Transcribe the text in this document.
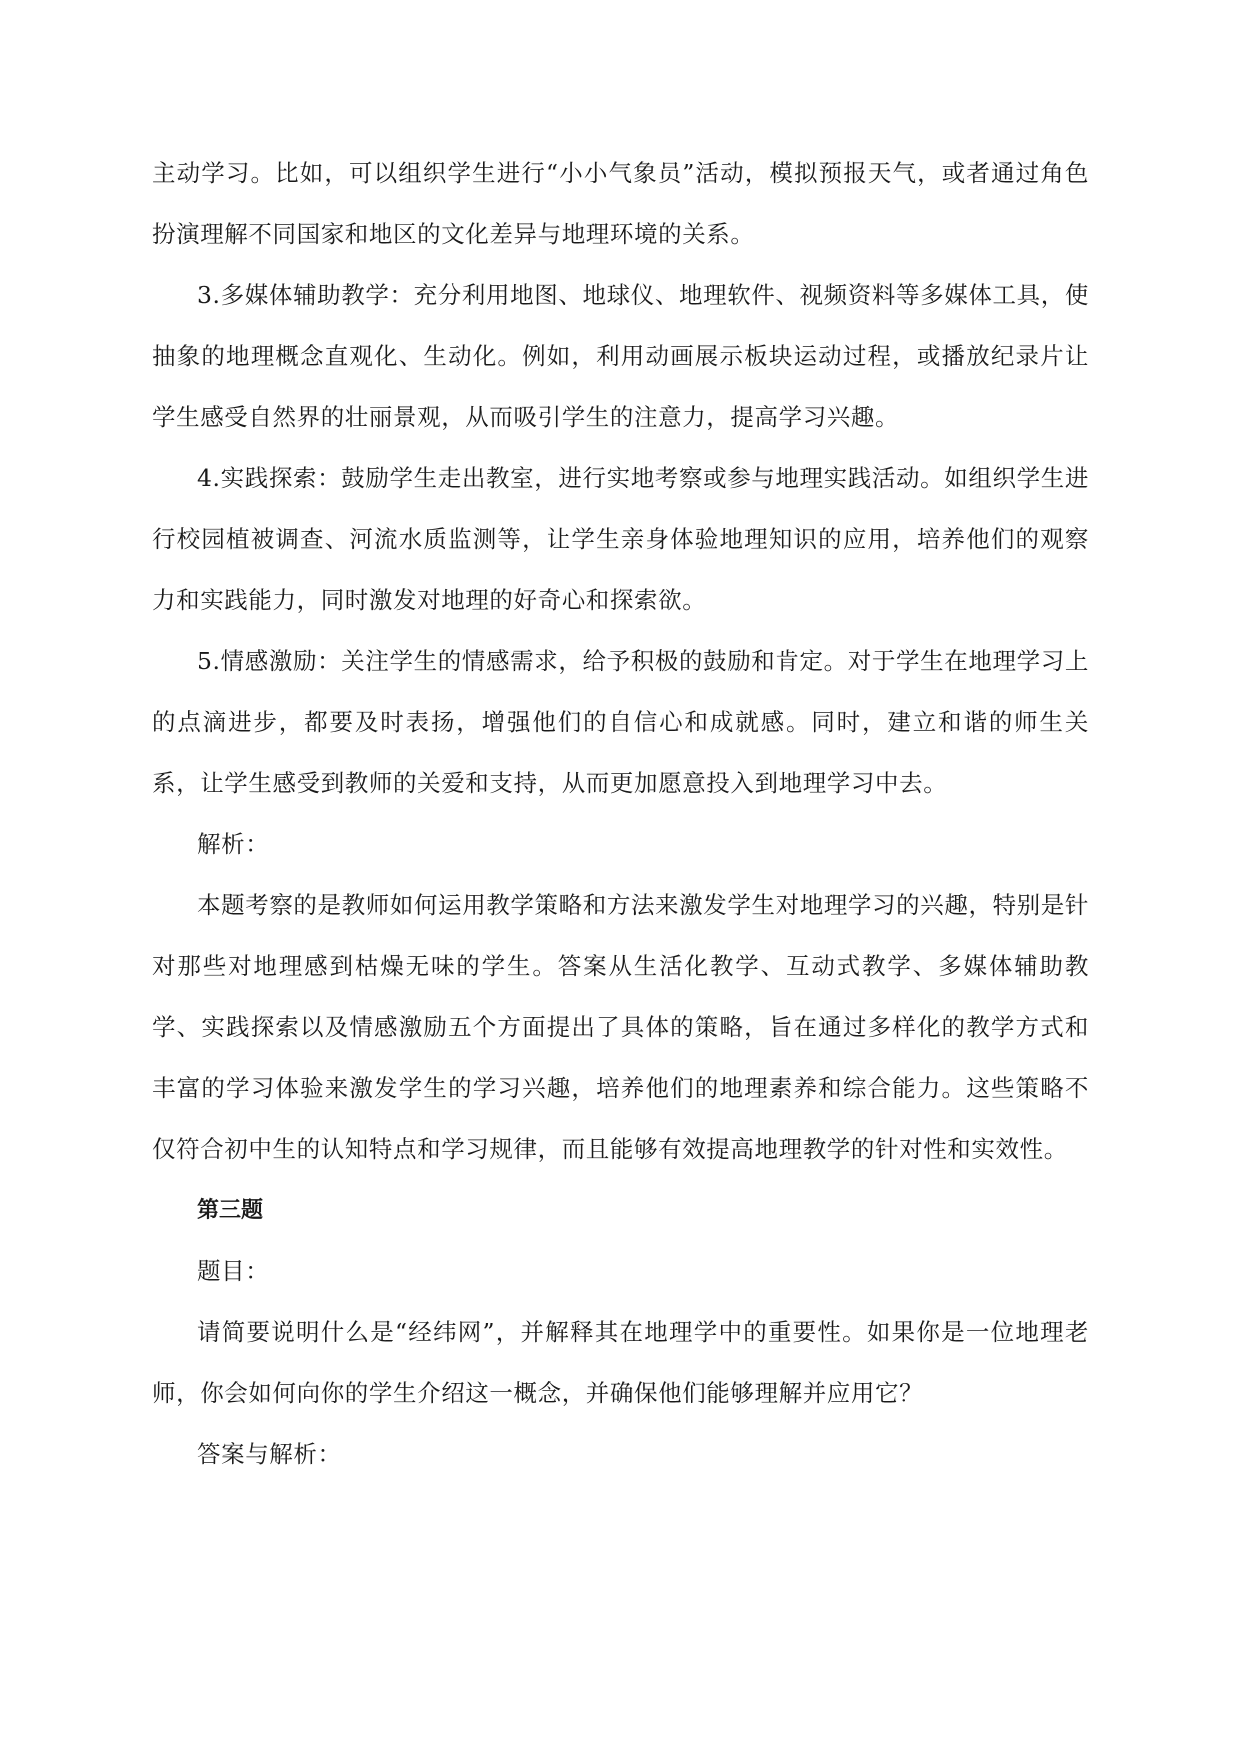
主动学习。比如，可以组织学生进行“小小气象员”活动，模拟预报天气，或者通过角色扮演理解不同国家和地区的文化差异与地理环境的关系。

3.多媒体辅助教学：充分利用地图、地球仪、地理软件、视频资料等多媒体工具，使抽象的地理概念直观化、生动化。例如，利用动画展示板块运动过程，或播放纪录片让学生感受自然界的壮丽景观，从而吸引学生的注意力，提高学习兴趣。

4.实践探索：鼓励学生走出教室，进行实地考察或参与地理实践活动。如组织学生进行校园植被调查、河流水质监测等，让学生亲身体验地理知识的应用，培养他们的观察力和实践能力，同时激发对地理的好奇心和探索欲。

5.情感激励：关注学生的情感需求，给予积极的鼓励和肯定。对于学生在地理学习上的点滴进步，都要及时表扬，增强他们的自信心和成就感。同时，建立和谐的师生关系，让学生感受到教师的关爱和支持，从而更加愿意投入到地理学习中去。

解析：

本题考察的是教师如何运用教学策略和方法来激发学生对地理学习的兴趣，特别是针对那些对地理感到枯燥无味的学生。答案从生活化教学、互动式教学、多媒体辅助教学、实践探索以及情感激励五个方面提出了具体的策略，旨在通过多样化的教学方式和丰富的学习体验来激发学生的学习兴趣，培养他们的地理素养和综合能力。这些策略不仅符合初中生的认知特点和学习规律，而且能够有效提高地理教学的针对性和实效性。

第三题

题目：

请简要说明什么是“经纬网”，并解释其在地理学中的重要性。如果你是一位地理老师，你会如何向你的学生介绍这一概念，并确保他们能够理解并应用它？

答案与解析：
